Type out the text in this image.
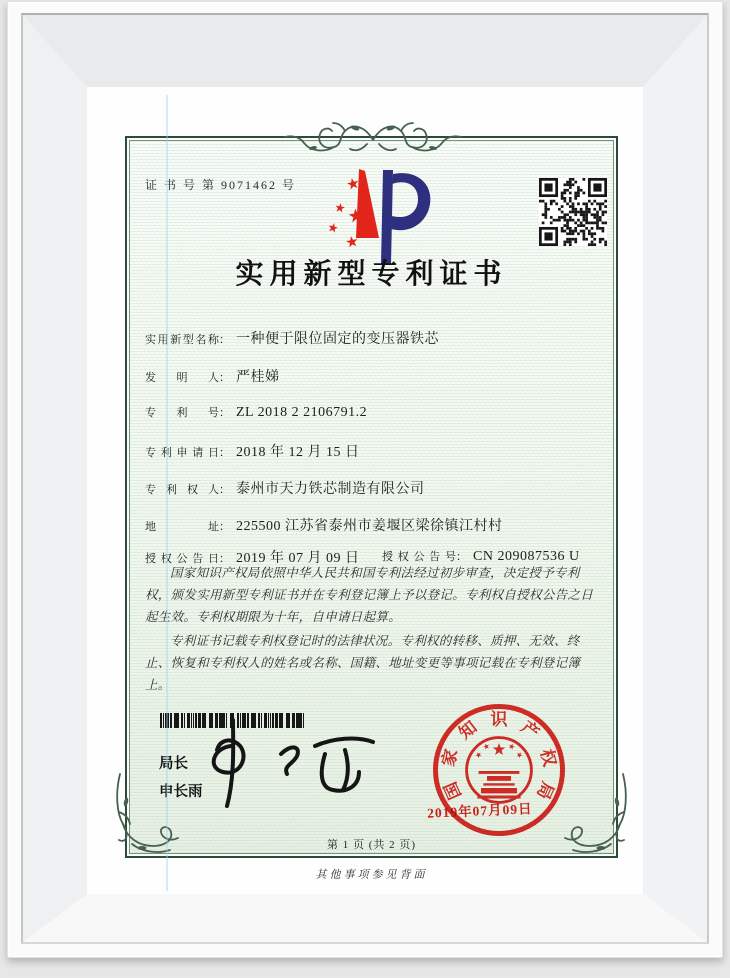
证 书 号 第 9071462 号
实用新型专利证书
实用新型名称： 一种便于限位固定的变压器铁芯
发明人： 严桂娣
专利号： ZL 2018 2 2106791.2
专利申请日： 2018 年 12 月 15 日
专利权人： 泰州市天力铁芯制造有限公司
地址： 225500 江苏省泰州市姜堰区梁徐镇江村村
授权公告日： 2019 年 07 月 09 日 授权公告号： CN 209087536 U

国家知识产权局依照中华人民共和国专利法经过初步审查，决定授予专利权，颁发实用新型专利证书并在专利登记簿上予以登记。专利权自授权公告之日起生效。专利权期限为十年，自申请日起算。

专利证书记载专利权登记时的法律状况。专利权的转移、质押、无效、终止、恢复和专利权人的姓名或名称、国籍、地址变更等事项记载在专利登记簿上。

局长
申长雨	国
家
知 识 产
权
局
2019年07月09日
第 1 页 (共 2 页)
其他事项参见背面
